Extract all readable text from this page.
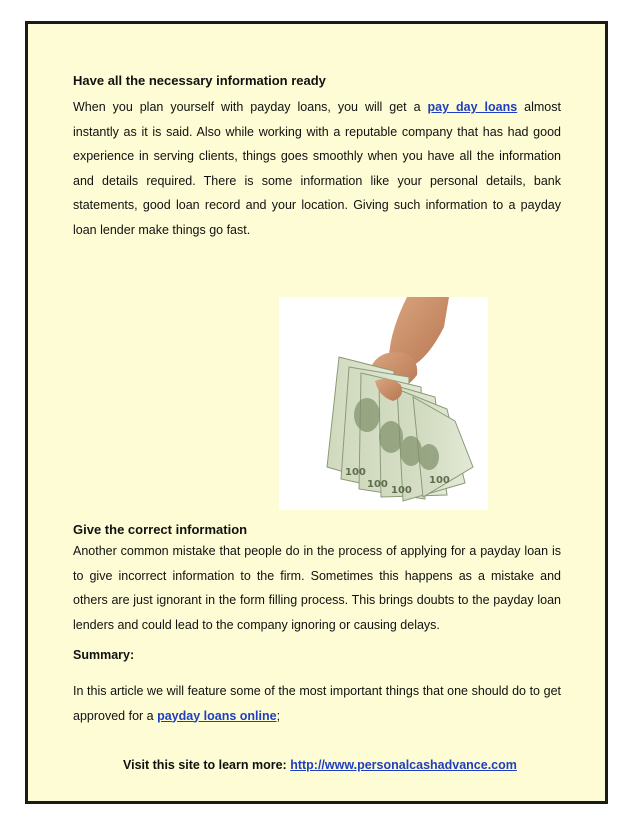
Have all the necessary information ready

When you plan yourself with payday loans, you will get a pay day loans almost instantly as it is said. Also while working with a reputable company that has had good experience in serving clients, things goes smoothly when you have all the information and details required. There is some information like your personal details, bank statements, good loan record and your location. Giving such information to a payday loan lender make things go fast.

100
100
100
100
Give the correct information

Another common mistake that people do in the process of applying for a payday loan is to give incorrect information to the firm. Sometimes this happens as a mistake and others are just ignorant in the form filling process. This brings doubts to the payday loan lenders and could lead to the company ignoring or causing delays.

Summary:

In this article we will feature some of the most important things that one should do to get approved for a payday loans online;

Visit this site to learn more: http://www.personalcashadvance.com
